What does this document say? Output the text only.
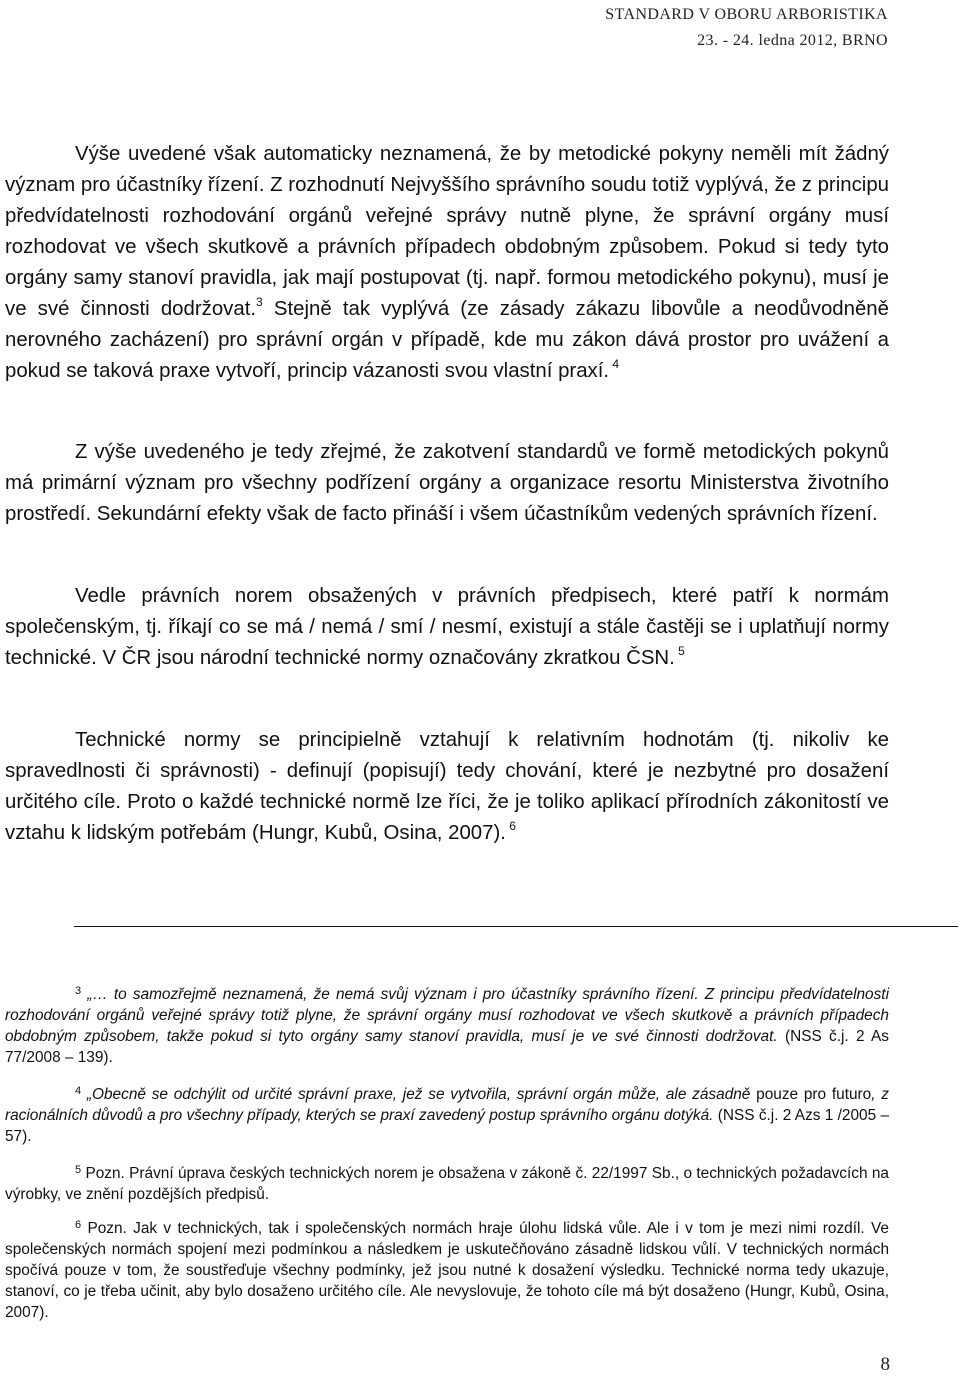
STANDARD V OBORU ARBORISTIKA
23. - 24. ledna 2012, BRNO

Výše uvedené však automaticky neznamená, že by metodické pokyny neměli mít žádný význam pro účastníky řízení. Z rozhodnutí Nejvyššího správního soudu totiž vyplývá, že z principu předvídatelnosti rozhodování orgánů veřejné správy nutně plyne, že správní orgány musí rozhodovat ve všech skutkově a právních případech obdobným způsobem. Pokud si tedy tyto orgány samy stanoví pravidla, jak mají postupovat (tj. např. formou metodického pokynu), musí je ve své činnosti dodržovat.$^3$ Stejně tak vyplývá (ze zásady zákazu libovůle a neodůvodněně nerovného zacházení) pro správní orgán v případě, kde mu zákon dává prostor pro uvážení a pokud se taková praxe vytvoří, princip vázanosti svou vlastní praxí. $^4$

Z výše uvedeného je tedy zřejmé, že zakotvení standardů ve formě metodických pokynů má primární význam pro všechny podřízení orgány a organizace resortu Ministerstva životního prostředí. Sekundární efekty však de facto přináší i všem účastníkům vedených správních řízení.

Vedle právních norem obsažených v právních předpisech, které patří k normám společenským, tj. říkají co se má / nemá / smí / nesmí, existují a stále častěji se i uplatňují normy technické. V ČR jsou národní technické normy označovány zkratkou ČSN. $^5$

Technické normy se principielně vztahují k relativním hodnotám (tj. nikoliv ke spravedlnosti či správnosti) - definují (popisují) tedy chování, které je nezbytné pro dosažení určitého cíle. Proto o každé technické normě lze říci, že je toliko aplikací přírodních zákonitostí ve vztahu k lidským potřebám (Hungr, Kubů, Osina, 2007). $^6$

$^3$ „… to samozřejmě neznamená, že nemá svůj význam i pro účastníky správního řízení. Z principu předvídatelnosti rozhodování orgánů veřejné správy totiž plyne, že správní orgány musí rozhodovat ve všech skutkově a právních případech obdobným způsobem, takže pokud si tyto orgány samy stanoví pravidla, musí je ve své činnosti dodržovat. (NSS č.j. 2 As 77/2008 – 139).

$^4$ „Obecně se odchýlit od určité správní praxe, jež se vytvořila, správní orgán může, ale zásadně pouze pro futuro, z racionálních důvodů a pro všechny případy, kterých se praxí zavedený postup správního orgánu dotýká. (NSS č.j. 2 Azs 1 /2005 – 57).

$^5$ Pozn. Právní úprava českých technických norem je obsažena v zákoně č. 22/1997 Sb., o technických požadavcích na výrobky, ve znění pozdějších předpisů.

$^6$ Pozn. Jak v technických, tak i společenských normách hraje úlohu lidská vůle. Ale i v tom je mezi nimi rozdíl. Ve společenských normách spojení mezi podmínkou a následkem je uskutečňováno zásadně lidskou vůlí. V technických normách spočívá pouze v tom, že soustřeďuje všechny podmínky, jež jsou nutné k dosažení výsledku. Technické norma tedy ukazuje, stanoví, co je třeba učinit, aby bylo dosaženo určitého cíle. Ale nevyslovuje, že tohoto cíle má být dosaženo (Hungr, Kubů, Osina, 2007).

8
